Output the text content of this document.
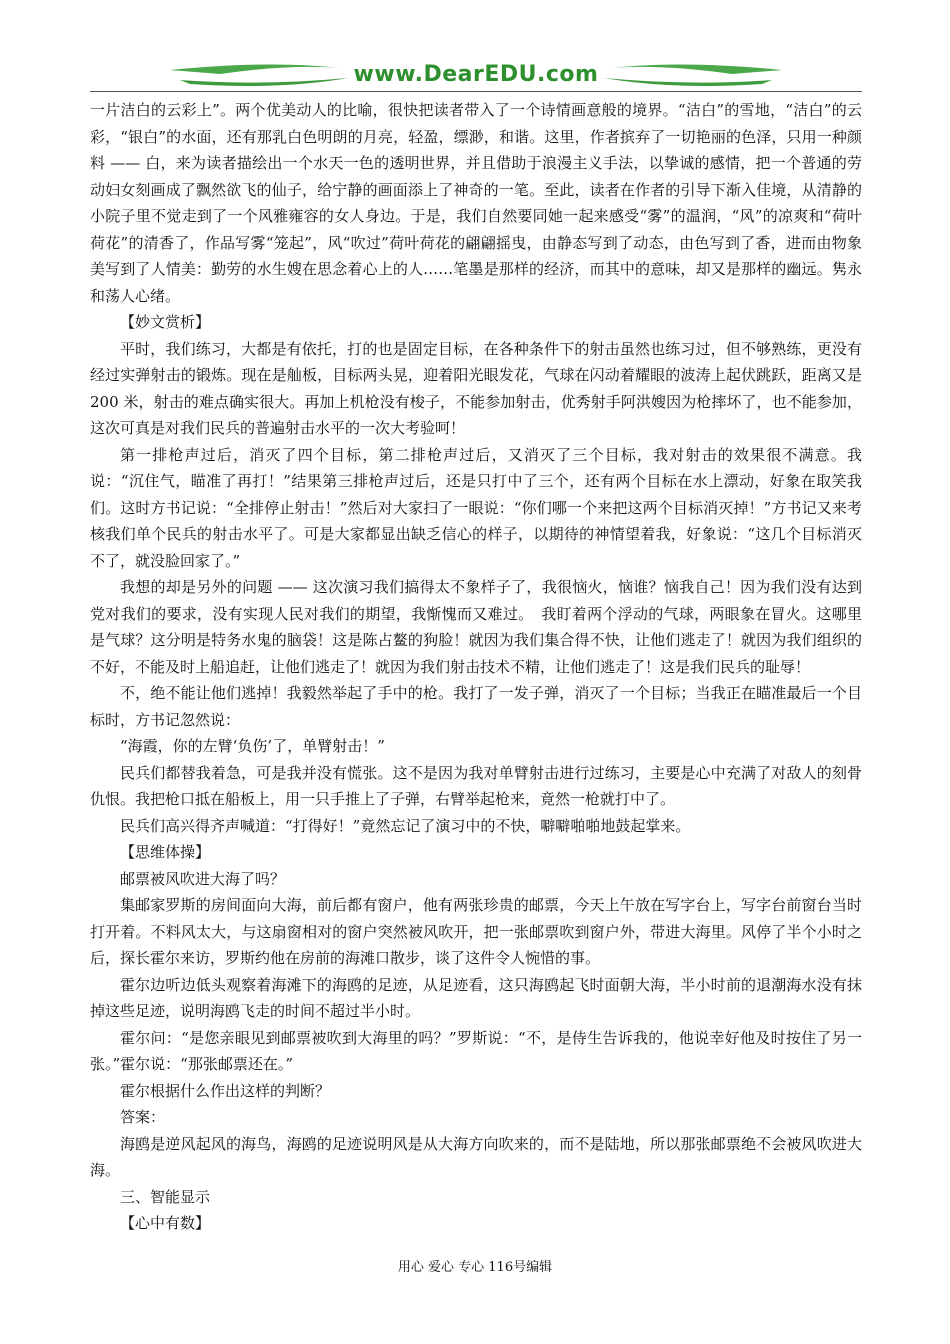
www.DearEDU.com

一片洁白的云彩上”。两个优美动人的比喻，很快把读者带入了一个诗情画意般的境界。“洁白”的雪地，“洁白”的云彩，“银白”的水面，还有那乳白色明朗的月亮，轻盈，缥渺，和谐。这里，作者摈弃了一切艳丽的色泽，只用一种颜料 —— 白，来为读者描绘出一个水天一色的透明世界，并且借助于浪漫主义手法，以挚诚的感情，把一个普通的劳动妇女刻画成了飘然欲飞的仙子，给宁静的画面添上了神奇的一笔。至此，读者在作者的引导下渐入佳境，从清静的小院子里不觉走到了一个风雅雍容的女人身边。于是，我们自然要同她一起来感受“雾”的温润，“风”的凉爽和“荷叶荷花”的清香了，作品写雾“笼起”，风“吹过”荷叶荷花的翩翩摇曳，由静态写到了动态，由色写到了香，进而由物象美写到了人情美：勤劳的水生嫂在思念着心上的人……笔墨是那样的经济，而其中的意味，却又是那样的幽远。隽永和荡人心绪。

【妙文赏析】

平时，我们练习，大都是有依托，打的也是固定目标，在各种条件下的射击虽然也练习过，但不够熟练，更没有经过实弹射击的锻炼。现在是舢板，目标两头晃，迎着阳光眼发花，气球在闪动着耀眼的波涛上起伏跳跃，距离又是 200 米，射击的难点确实很大。再加上机枪没有梭子，不能参加射击，优秀射手阿洪嫂因为枪摔坏了，也不能参加，这次可真是对我们民兵的普遍射击水平的一次大考验呵！

第一排枪声过后，消灭了四个目标，第二排枪声过后，又消灭了三个目标，我对射击的效果很不满意。我说：“沉住气，瞄准了再打！”结果第三排枪声过后，还是只打中了三个，还有两个目标在水上漂动，好象在取笑我们。这时方书记说：“全排停止射击！”然后对大家扫了一眼说：“你们哪一个来把这两个目标消灭掉！”方书记又来考核我们单个民兵的射击水平了。可是大家都显出缺乏信心的样子，以期待的神情望着我，好象说：“这几个目标消灭不了，就没脸回家了。”

我想的却是另外的问题 —— 这次演习我们搞得太不象样子了，我很恼火，恼谁？恼我自己！因为我们没有达到党对我们的要求，没有实现人民对我们的期望，我惭愧而又难过。　我盯着两个浮动的气球，两眼象在冒火。这哪里是气球？这分明是特务水鬼的脑袋！这是陈占鳌的狗脸！就因为我们集合得不快，让他们逃走了！就因为我们组织的不好，不能及时上船追赶，让他们逃走了！就因为我们射击技术不精，让他们逃走了！这是我们民兵的耻辱！

不，绝不能让他们逃掉！我毅然举起了手中的枪。我打了一发子弹，消灭了一个目标；当我正在瞄准最后一个目标时，方书记忽然说：

“海霞，你的左臂‘负伤’了，单臂射击！”

民兵们都替我着急，可是我并没有慌张。这不是因为我对单臂射击进行过练习，主要是心中充满了对敌人的刻骨仇恨。我把枪口抵在船板上，用一只手推上了子弹，右臂举起枪来，竟然一枪就打中了。

民兵们高兴得齐声喊道：“打得好！”竟然忘记了演习中的不快，噼噼啪啪地鼓起掌来。

【思维体操】

邮票被风吹进大海了吗？

集邮家罗斯的房间面向大海，前后都有窗户，他有两张珍贵的邮票，今天上午放在写字台上，写字台前窗台当时打开着。不料风太大，与这扇窗相对的窗户突然被风吹开，把一张邮票吹到窗户外，带进大海里。风停了半个小时之后，探长霍尔来访，罗斯约他在房前的海滩口散步，谈了这件令人惋惜的事。

霍尔边听边低头观察着海滩下的海鸥的足迹，从足迹看，这只海鸥起飞时面朝大海，半小时前的退潮海水没有抹掉这些足迹，说明海鸥飞走的时间不超过半小时。

霍尔问：“是您亲眼见到邮票被吹到大海里的吗？”罗斯说：“不，是侍生告诉我的，他说幸好他及时按住了另一张。”霍尔说：“那张邮票还在。”

霍尔根据什么作出这样的判断？

答案：

海鸥是逆风起风的海鸟，海鸥的足迹说明风是从大海方向吹来的，而不是陆地，所以那张邮票绝不会被风吹进大海。

三、智能显示

【心中有数】

用心 爱心 专心 116号编辑
